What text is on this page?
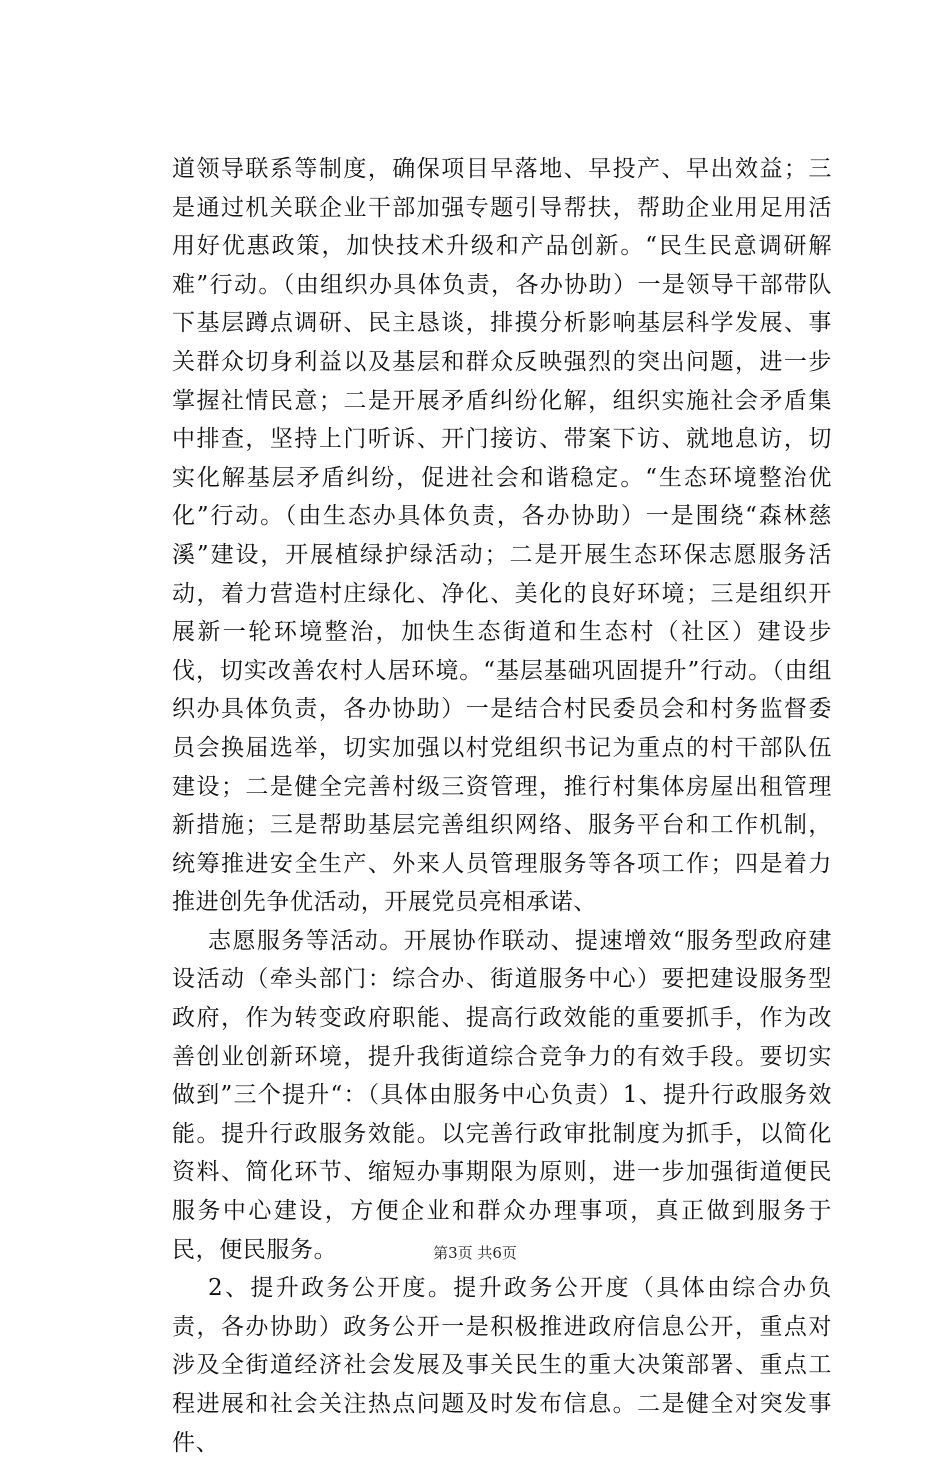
道领导联系等制度，确保项目早落地、早投产、早出效益；三是通过机关联企业干部加强专题引导帮扶，帮助企业用足用活用好优惠政策，加快技术升级和产品创新。“民生民意调研解难”行动。（由组织办具体负责，各办协助）一是领导干部带队下基层蹲点调研、民主恳谈，排摸分析影响基层科学发展、事关群众切身利益以及基层和群众反映强烈的突出问题，进一步掌握社情民意；二是开展矛盾纠纷化解，组织实施社会矛盾集中排查，坚持上门听诉、开门接访、带案下访、就地息访，切实化解基层矛盾纠纷，促进社会和谐稳定。“生态环境整治优化”行动。（由生态办具体负责，各办协助）一是围绕“森林慈溪”建设，开展植绿护绿活动；二是开展生态环保志愿服务活动，着力营造村庄绿化、净化、美化的良好环境；三是组织开展新一轮环境整治，加快生态街道和生态村（社区）建设步伐，切实改善农村人居环境。“基层基础巩固提升”行动。（由组织办具体负责，各办协助）一是结合村民委员会和村务监督委员会换届选举，切实加强以村党组织书记为重点的村干部队伍建设；二是健全完善村级三资管理，推行村集体房屋出租管理新措施；三是帮助基层完善组织网络、服务平台和工作机制，统筹推进安全生产、外来人员管理服务等各项工作；四是着力推进创先争优活动，开展党员亮相承诺、

志愿服务等活动。开展协作联动、提速增效“服务型政府建设活动（牵头部门：综合办、街道服务中心）要把建设服务型政府，作为转变政府职能、提高行政效能的重要抓手，作为改善创业创新环境，提升我街道综合竞争力的有效手段。要切实做到”三个提升“：（具体由服务中心负责）1、提升行政服务效能。提升行政服务效能。以完善行政审批制度为抓手，以简化资料、简化环节、缩短办事期限为原则，进一步加强街道便民服务中心建设，方便企业和群众办理事项，真正做到服务于民，便民服务。

2、提升政务公开度。提升政务公开度（具体由综合办负责，各办协助）政务公开一是积极推进政府信息公开，重点对涉及全街道经济社会发展及事关民生的重大决策部署、重点工程进展和社会关注热点问题及时发布信息。二是健全对突发事件、

第3页 共6页
